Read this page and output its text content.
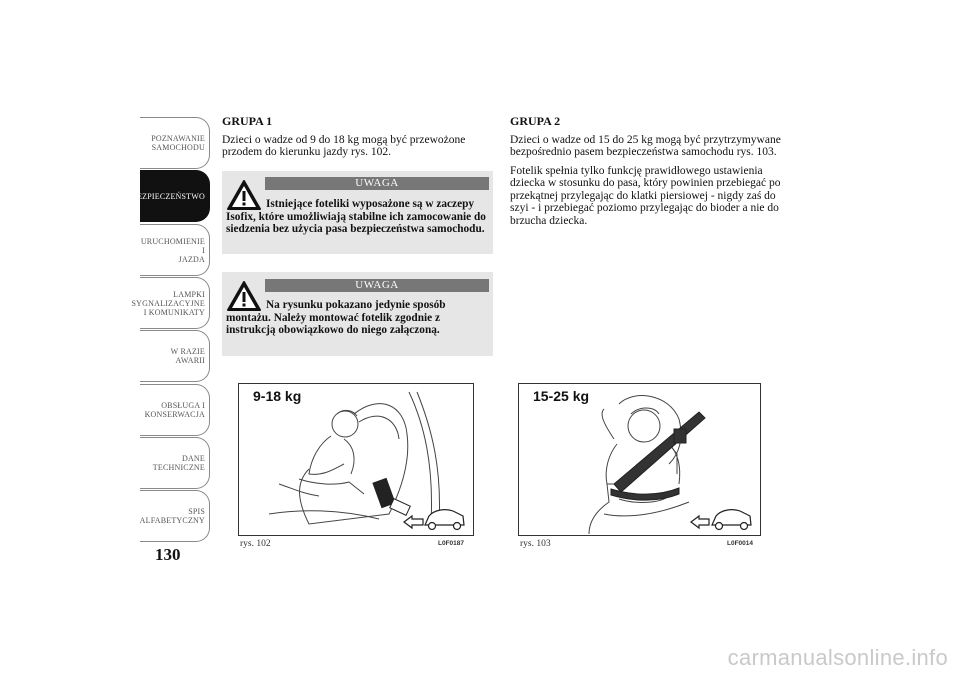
POZNAWANIE
SAMOCHODU
BEZPIECZEŃSTWO
URUCHOMIENIE I
JAZDA
LAMPKI
SYGNALIZACYJNE
I KOMUNIKATY
W RAZIE AWARII
OBSŁUGA I
KONSERWACJA
DANE
TECHNICZNE
SPIS
ALFABETYCZNY
130
GRUPA 1

Dzieci o wadze od 9 do 18 kg mogą być przewożone przodem do kierunku jazdy rys. 102.

UWAGA
Istniejące foteliki wyposażone są w zaczepy Isofix, które umożliwiają stabilne ich zamocowanie do siedzenia bez użycia pasa bezpieczeństwa samochodu.
UWAGA
Na rysunku pokazano jedynie sposób montażu. Należy montować fotelik zgodnie z instrukcją obowiązkowo do niego załączoną.
GRUPA 2

Dzieci o wadze od 15 do 25 kg mogą być przytrzymywane bezpośrednio pasem bezpieczeństwa samochodu rys. 103.

Fotelik spełnia tylko funkcję prawidłowego ustawienia dziecka w stosunku do pasa, który powinien przebiegać po przekątnej przylegając do klatki piersiowej - nigdy zaś do szyi - i przebiegać poziomo przylegając do bioder a nie do brzucha dziecka.

9-18 kg
rys. 102	L0F0187
15-25 kg
rys. 103	L0F0014
carmanualsonline.info
